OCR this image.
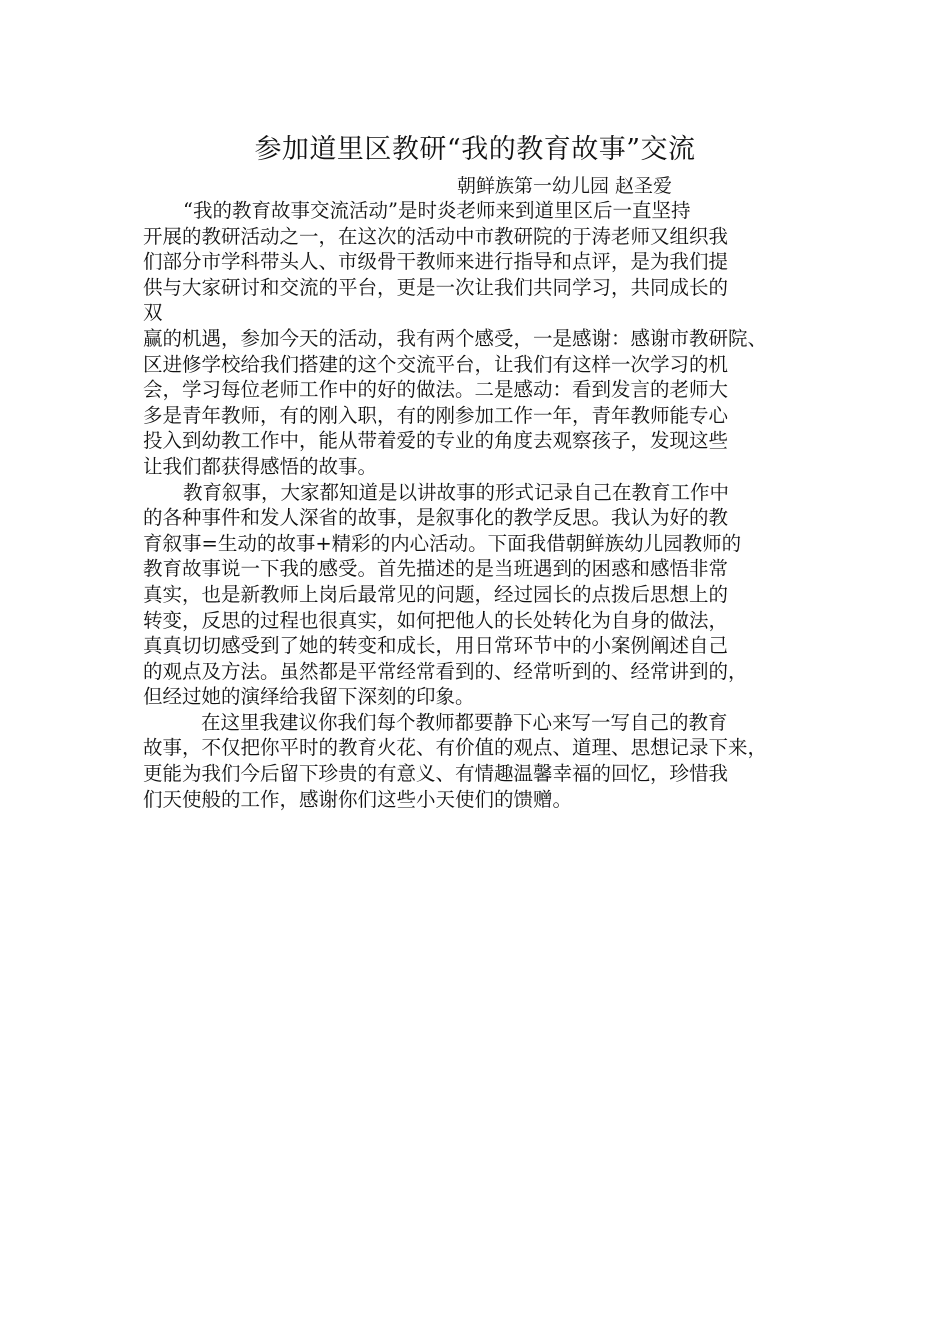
参加道里区教研“我的教育故事”交流
朝鲜族第一幼儿园 赵圣爱
“我的教育故事交流活动”是时炎老师来到道里区后一直坚持
开展的教研活动之一，在这次的活动中市教研院的于涛老师又组织我
们部分市学科带头人、市级骨干教师来进行指导和点评，是为我们提
供与大家研讨和交流的平台，更是一次让我们共同学习，共同成长的
双
赢的机遇，参加今天的活动，我有两个感受，一是感谢：感谢市教研院、
区进修学校给我们搭建的这个交流平台，让我们有这样一次学习的机
会，学习每位老师工作中的好的做法。二是感动：看到发言的老师大
多是青年教师，有的刚入职，有的刚参加工作一年，青年教师能专心
投入到幼教工作中，能从带着爱的专业的角度去观察孩子，发现这些
让我们都获得感悟的故事。
教育叙事，大家都知道是以讲故事的形式记录自己在教育工作中
的各种事件和发人深省的故事，是叙事化的教学反思。我认为好的教
育叙事=生动的故事+精彩的内心活动。下面我借朝鲜族幼儿园教师的
教育故事说一下我的感受。首先描述的是当班遇到的困惑和感悟非常
真实，也是新教师上岗后最常见的问题，经过园长的点拨后思想上的
转变，反思的过程也很真实，如何把他人的长处转化为自身的做法，
真真切切感受到了她的转变和成长，用日常环节中的小案例阐述自己
的观点及方法。虽然都是平常经常看到的、经常听到的、经常讲到的，
但经过她的演绎给我留下深刻的印象。
在这里我建议你我们每个教师都要静下心来写一写自己的教育
故事，不仅把你平时的教育火花、有价值的观点、道理、思想记录下来，
更能为我们今后留下珍贵的有意义、有情趣温馨幸福的回忆，珍惜我
们天使般的工作，感谢你们这些小天使们的馈赠。
